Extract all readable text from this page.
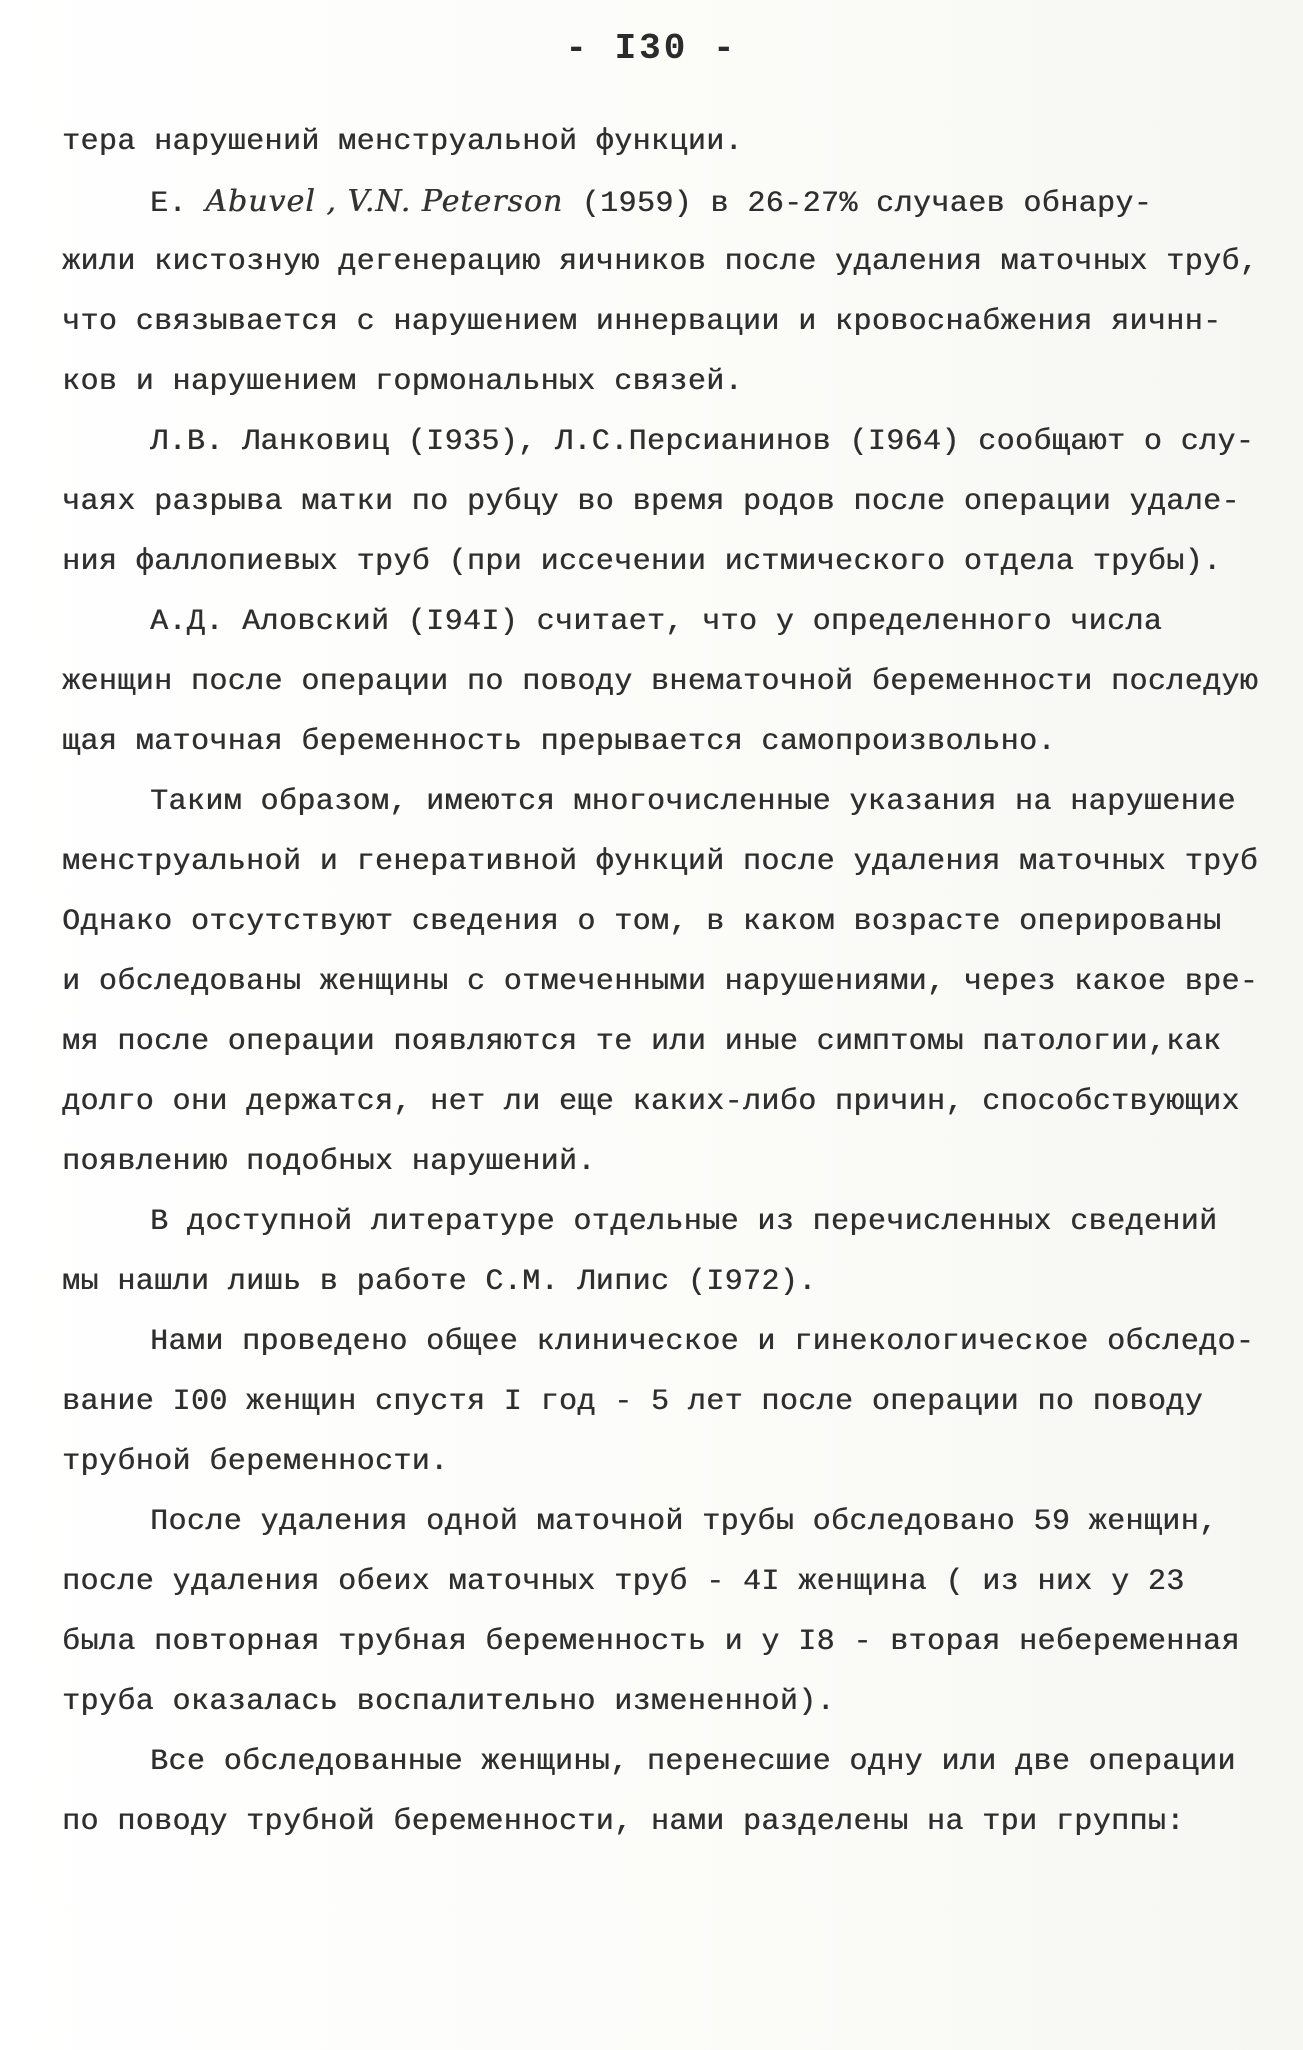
- I30 -
тера нарушений менструальной функции.
Е. Abuvel , V.N. Peterson (1959) в 26-27% случаев обнару-
жили кистозную дегенерацию яичников после удаления маточных труб,
что связывается с нарушением иннервации и кровоснабжения яичнн-
ков и нарушением гормональных связей.
Л.В. Ланковиц (I935), Л.С.Персианинов (I964) сообщают о слу-
чаях разрыва матки по рубцу во время родов после операции удале-
ния фаллопиевых труб (при иссечении истмического отдела трубы).
А.Д. Аловский (I94I) считает, что у определенного числа
женщин после операции по поводу внематочной беременности последую
щая маточная беременность прерывается самопроизвольно.
Таким образом, имеются многочисленные указания на нарушение
менструальной и генеративной функций после удаления маточных труб
Однако отсутствуют сведения о том, в каком возрасте оперированы
и обследованы женщины с отмеченными нарушениями, через какое вре-
мя после операции появляются те или иные симптомы патологии,как
долго они держатся, нет ли еще каких-либо причин, способствующих
появлению подобных нарушений.
В доступной литературе отдельные из перечисленных сведений
мы нашли лишь в работе С.М. Липис (I972).
Нами проведено общее клиническое и гинекологическое обследо-
вание I00 женщин спустя I год - 5 лет после операции по поводу
трубной беременности.
После удаления одной маточной трубы обследовано 59 женщин,
после удаления обеих маточных труб - 4I женщина ( из них у 23
была повторная трубная беременность и у I8 - вторая небеременная
труба оказалась воспалительно измененной).
Все обследованные женщины, перенесшие одну или две операции
по поводу трубной беременности, нами разделены на три группы:
